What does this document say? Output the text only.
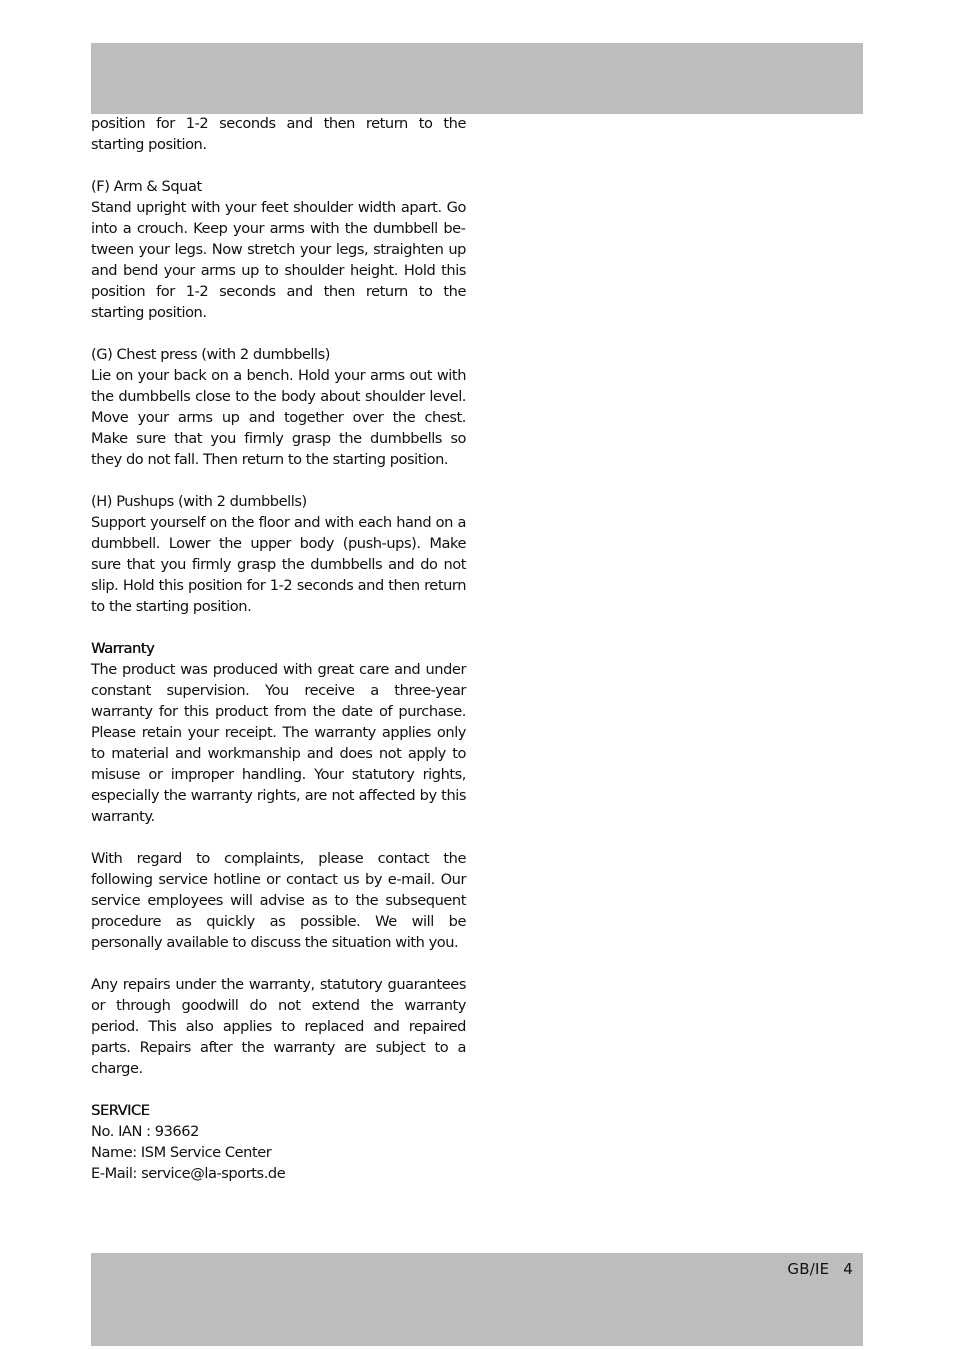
position for 1-2 seconds and then return to the starting position.

(F) Arm & Squat

Stand upright with your feet shoulder width apart. Go into a crouch. Keep your arms with the dumbbell between your legs. Now stretch your legs, straighten up and bend your arms up to shoulder height. Hold this position for 1-2 seconds and then return to the starting position.

(G) Chest press (with 2 dumbbells)

Lie on your back on a bench. Hold your arms out with the dumbbells close to the body about shoulder level. Move your arms up and together over the chest. Make sure that you firmly grasp the dumbbells so they do not fall. Then return to the starting position.

(H) Pushups (with 2 dumbbells)

Support yourself on the floor and with each hand on a dumbbell. Lower the upper body (push-ups). Make sure that you firmly grasp the dumbbells and do not slip. Hold this position for 1-2 seconds and then return to the starting position.

Warranty

The product was produced with great care and under constant supervision. You receive a three-year warranty for this product from the date of purchase. Please retain your receipt. The warranty applies only to material and workmanship and does not apply to misuse or improper handling. Your statutory rights, especially the warranty rights, are not affected by this warranty.

With regard to complaints, please contact the following service hotline or contact us by e-mail. Our service employees will advise as to the subsequent procedure as quickly as possible. We will be personally available to discuss the situation with you.

Any repairs under the warranty, statutory guarantees or through goodwill do not extend the warranty period. This also applies to replaced and repaired parts. Repairs after the warranty are subject to a charge.

SERVICE

No. IAN : 93662

Name: ISM Service Center

E-Mail: service@la-sports.de

GB/IE 4
